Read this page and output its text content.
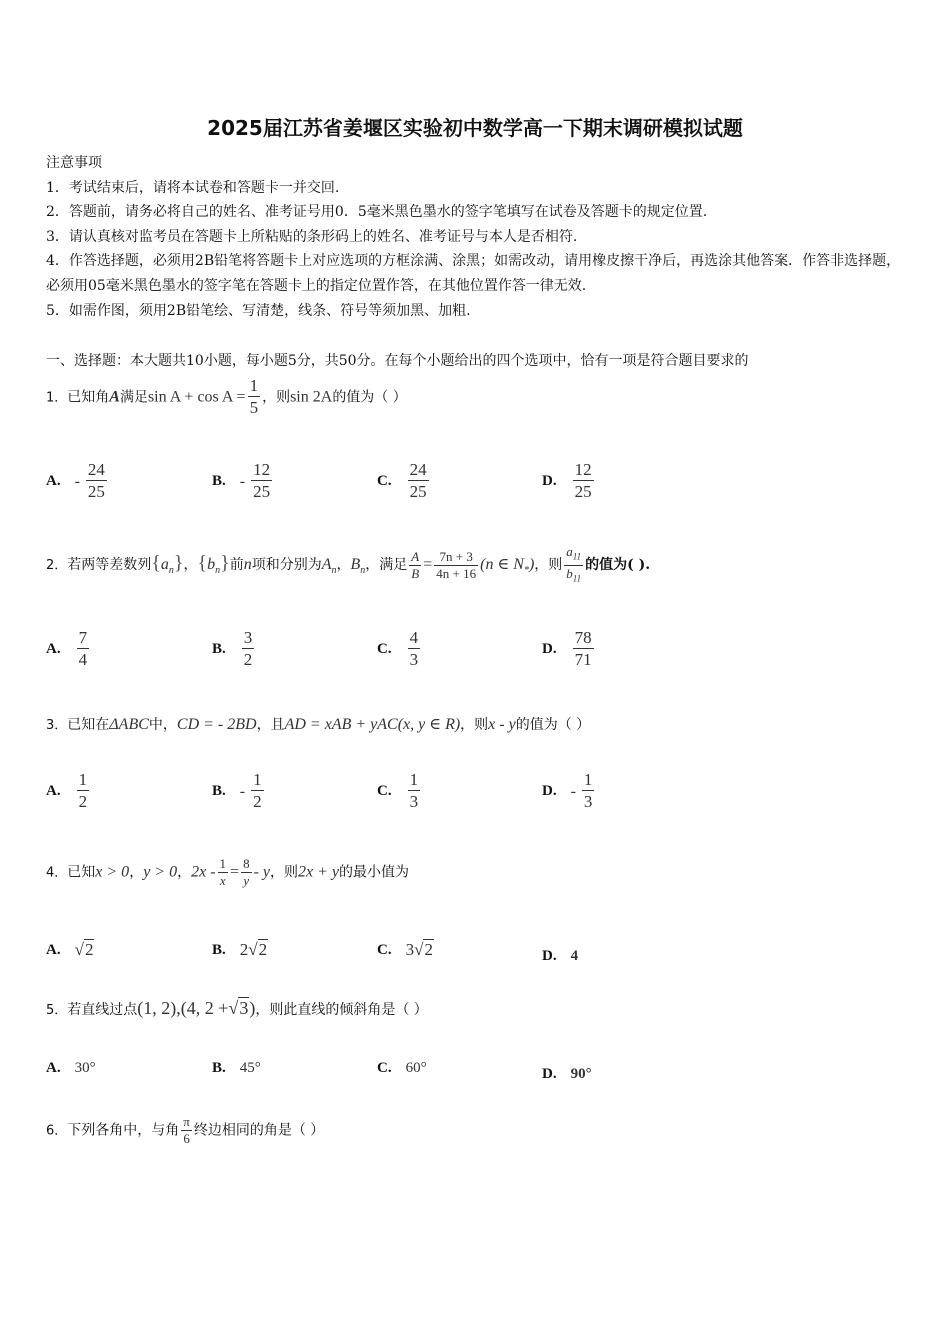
2025届江苏省姜堰区实验初中数学高一下期末调研模拟试题
注意事项
1．考试结束后，请将本试卷和答题卡一并交回.
2．答题前，请务必将自己的姓名、准考证号用0．5毫米黑色墨水的签字笔填写在试卷及答题卡的规定位置.
3．请认真核对监考员在答题卡上所粘贴的条形码上的姓名、准考证号与本人是否相符.
4．作答选择题，必须用2B铅笔将答题卡上对应选项的方框涂满、涂黑；如需改动，请用橡皮擦干净后，再选涂其他答案．作答非选择题，必须用05毫米黑色墨水的签字笔在答题卡上的指定位置作答，在其他位置作答一律无效.
5．如需作图，须用2B铅笔绘、写清楚，线条、符号等须加黑、加粗.
一、选择题：本大题共10小题，每小题5分，共50分。在每个小题给出的四个选项中，恰有一项是符合题目要求的
1．已知角A满足$\sin A + \cos A = \frac{1}{5}$ ，则sin 2A的值为（ ）
A. - $\frac{24}{25}$	B. - $\frac{12}{25}$	C. $\frac{24}{25}$	D. $\frac{12}{25}$
2．若两等差数列$\{a_n\}$，$\{b_n\}$前n项和分别为$A_n$，$B_n$，满足 $\frac{A}{B} = \frac{7n + 3}{4n + 16} (n$ ∈ $N_*$)，则 $\frac{a_{11}}{b_{11}}$ 的值为( ).
A. $\frac{7}{4}$	B. $\frac{3}{2}$	C. $\frac{4}{3}$	D. $\frac{78}{71}$
3．已知在ΔABC中，CD = - 2BD，且AD = xAB + yAC(x, y ∈ R)，则x - y的值为（ ）
A. $\frac{1}{2}$	B. - $\frac{1}{2}$	C. $\frac{1}{3}$	D. - $\frac{1}{3}$
4．已知x > 0，y > 0，$2x - \frac{1}{x} = \frac{8}{y} - y$，则2x + y的最小值为
A. √2	B. 2√2	C. 3√2	D. 4
5．若直线过点(1, 2),(4, 2 +√3)，则此直线的倾斜角是（ ）
A. 30°	B. 45°	C. 60°	D. 90°
6．下列各角中，与角 $\frac{\pi}{6}$ 终边相同的角是（ ）
